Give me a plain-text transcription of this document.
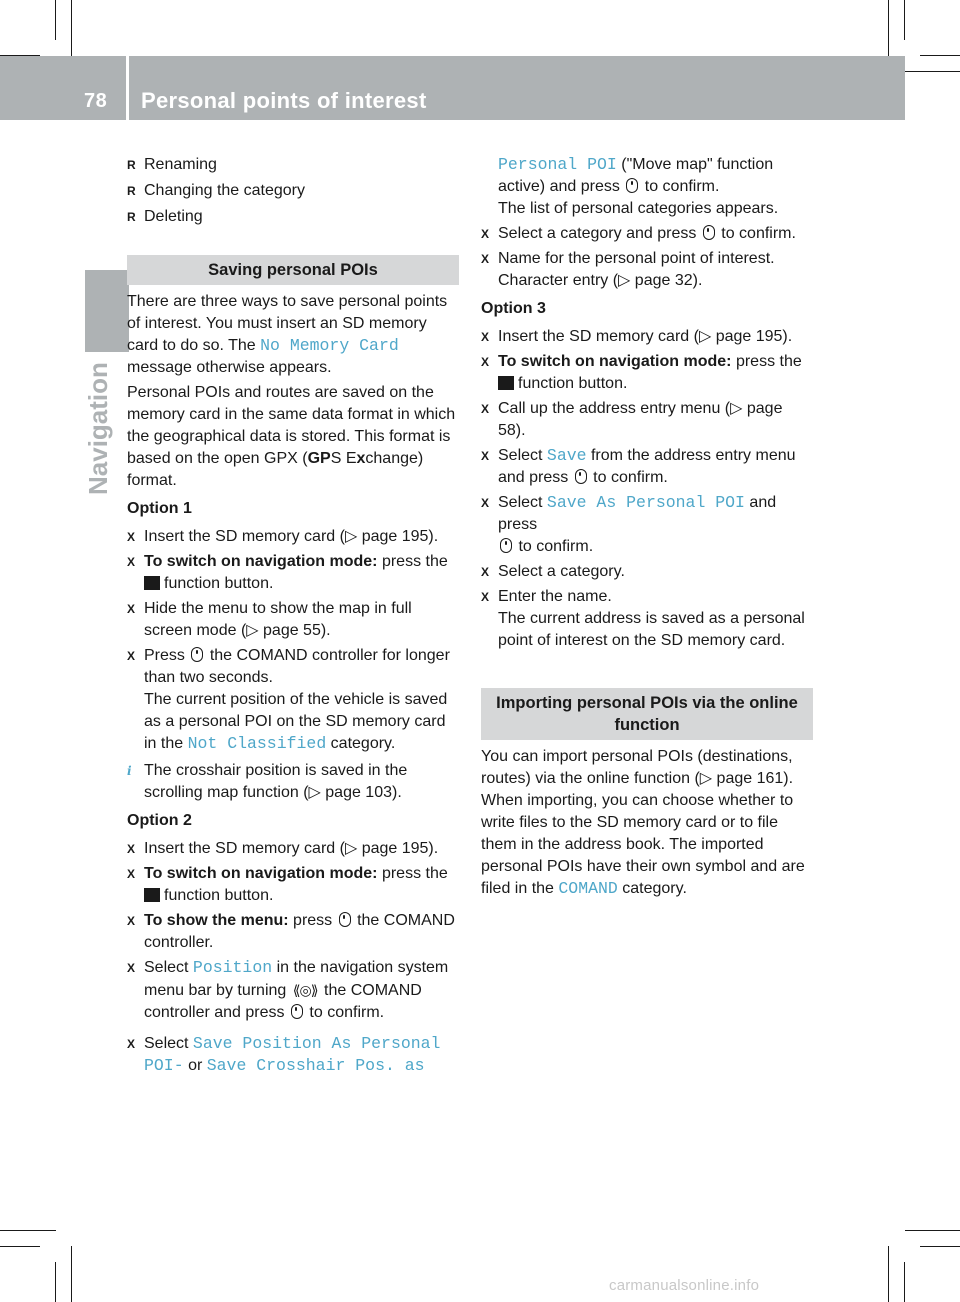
78 Personal points of interest
Navigation
R Renaming
R Changing the category
R Deleting
Saving personal POIs

There are three ways to save personal points of interest. You must insert an SD memory card to do so. The No Memory Card message otherwise appears.

Personal POIs and routes are saved on the memory card in the same data format in which the geographical data is stored. This format is based on the open GPX (GPS Exchange) format.

Option 1

X Insert the SD memory card (▷ page 195).
X To switch on navigation mode: press the
function button.
X Hide the menu to show the map in full screen mode (▷ page 55).
X Press the COMAND controller for longer than two seconds.
The current position of the vehicle is saved as a personal POI on the SD memory card in the Not Classified category.
i The crosshair position is saved in the scrolling map function (▷ page 103).

Option 2

X Insert the SD memory card (▷ page 195).
X To switch on navigation mode: press the
function button.
X To show the menu: press the COMAND controller.
X Select Position in the navigation system menu bar by turning ⟪◎⟫ the COMAND controller and press to confirm.
X Select Save Position As Personal POI- or Save Crosshair Pos. as
Personal POI ("Move map" function active) and press to confirm.
The list of personal categories appears.
X Select a category and press to confirm.
X Name for the personal point of interest. Character entry (▷ page 32).

Option 3

X Insert the SD memory card (▷ page 195).
X To switch on navigation mode: press the
function button.
X Call up the address entry menu (▷ page 58).
X Select Save from the address entry menu and press to confirm.
X Select Save As Personal POI and press
to confirm.
X Select a category.
X Enter the name.
The current address is saved as a personal point of interest on the SD memory card.
Importing personal POIs via the online function

You can import personal POIs (destinations, routes) via the online function (▷ page 161). When importing, you can choose whether to write files to the SD memory card or to file them in the address book. The imported personal POIs have their own symbol and are filed in the COMAND category.

carmanualsonline.info
